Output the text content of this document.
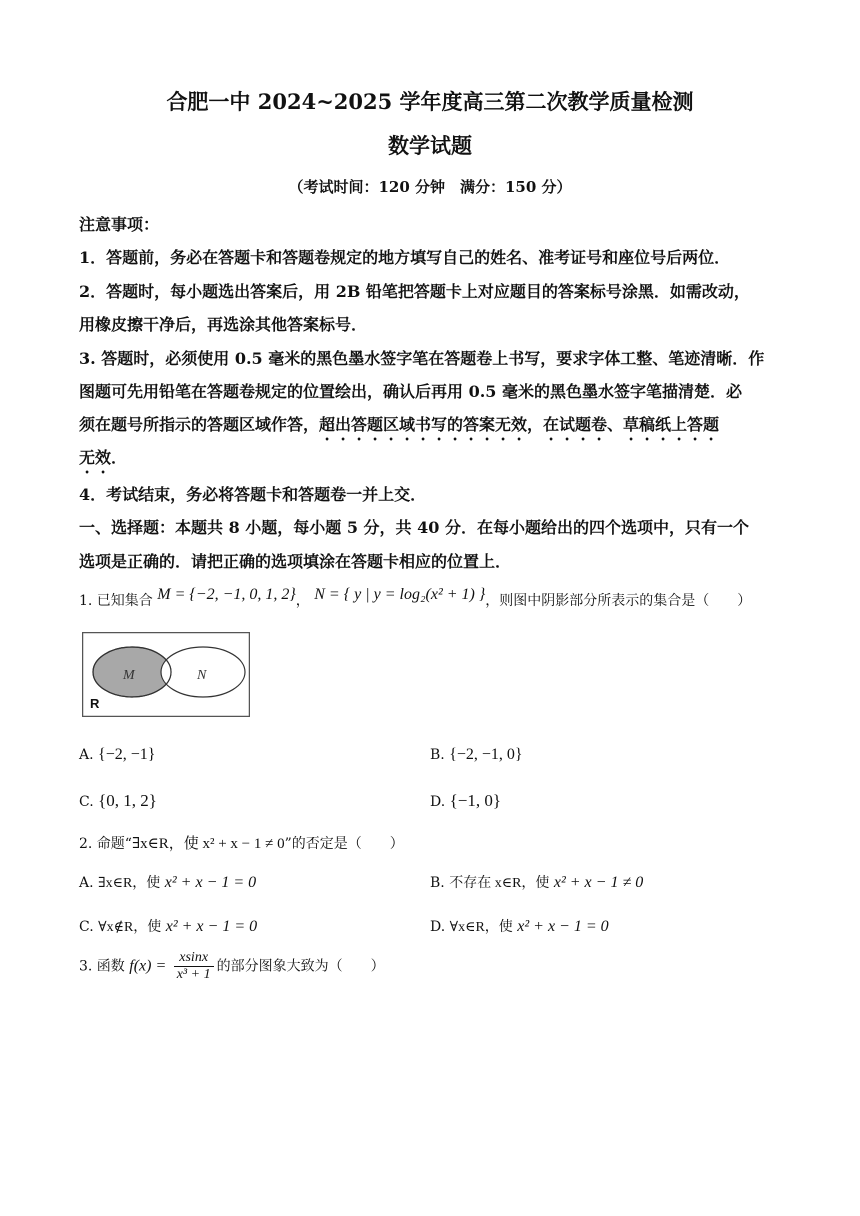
合肥一中 2024~2025 学年度高三第二次教学质量检测
数学试题
（考试时间：120 分钟　满分：150 分）
注意事项：
1．答题前，务必在答题卡和答题卷规定的地方填写自己的姓名、准考证号和座位号后两位．
2．答题时，每小题选出答案后，用 2B 铅笔把答题卡上对应题目的答案标号涂黑．如需改动，
用橡皮擦干净后，再选涂其他答案标号．
3. 答题时，必须使用 0.5 毫米的黑色墨水签字笔在答题卷上书写，要求字体工整、笔迹清晰．作
图题可先用铅笔在答题卷规定的位置绘出，确认后再用 0.5 毫米的黑色墨水签字笔描清楚．必
须在题号所指示的答题区域作答，超出答题区域书写的答案无效，在试题卷、草稿纸上答题
无效．
4．考试结束，务必将答题卡和答题卷一并上交．
一、选择题：本题共 8 小题，每小题 5 分，共 40 分．在每小题给出的四个选项中，只有一个
选项是正确的．请把正确的选项填涂在答题卡相应的位置上．
1. 已知集合 M = {−2, −1, 0, 1, 2}， N = { y | y = log₂(x² + 1) }，则图中阴影部分所表示的集合是（　　）
M	N
R
A. {−2, −1}	B. {−2, −1, 0}
C. {0, 1, 2}	D. {−1, 0}
2. 命题“∃x∈R，使 x² + x − 1 ≠ 0”的否定是（　　）
A. ∃x∈R，使 x² + x − 1 = 0	B. 不存在 x∈R，使 x² + x − 1 ≠ 0
C. ∀x∉R，使 x² + x − 1 = 0	D. ∀x∈R，使 x² + x − 1 = 0
3. 函数 $f(x) = \frac{xsinx}{\text{x³ + 1}}$ 的部分图象大致为（　　）
